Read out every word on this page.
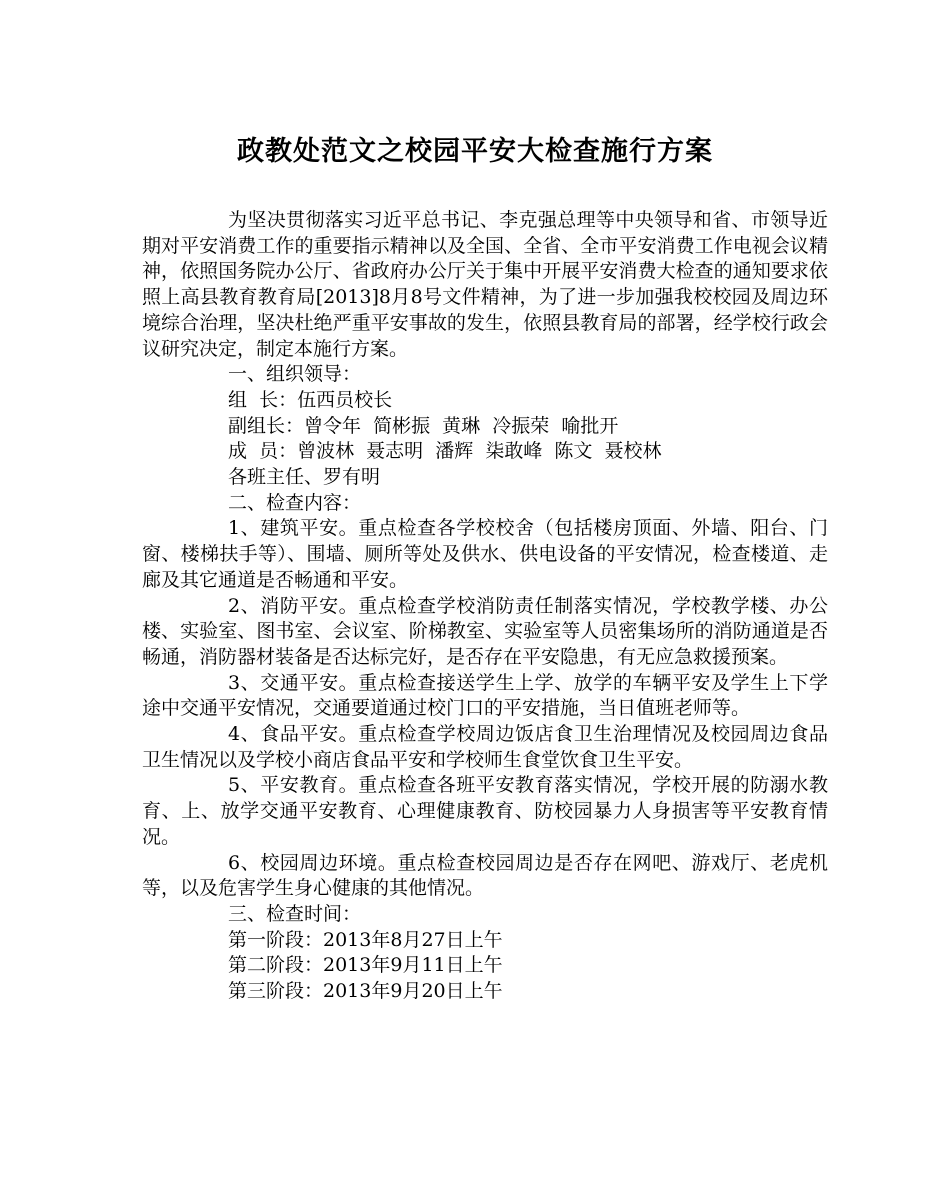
政教处范文之校园平安大检查施行方案

为坚决贯彻落实习近平总书记、李克强总理等中央领导和省、市领导近期对平安消费工作的重要指示精神以及全国、全省、全市平安消费工作电视会议精神，依照国务院办公厅、省政府办公厅关于集中开展平安消费大检查的通知要求依照上高县教育教育局[2013]8月8号文件精神，为了进一步加强我校校园及周边环境综合治理，坚决杜绝严重平安事故的发生，依照县教育局的部署，经学校行政会议研究决定，制定本施行方案。

一、组织领导：

组  长：伍西员校长

副组长：曾令年  简彬振  黄琳  冷振荣  喻批开

成  员：曾波林  聂志明  潘辉  柒敢峰  陈文  聂校林

各班主任、罗有明

二、检查内容：

1、建筑平安。重点检查各学校校舍（包括楼房顶面、外墙、阳台、门窗、楼梯扶手等）、围墙、厕所等处及供水、供电设备的平安情况，检查楼道、走廊及其它通道是否畅通和平安。

2、消防平安。重点检查学校消防责任制落实情况，学校教学楼、办公楼、实验室、图书室、会议室、阶梯教室、实验室等人员密集场所的消防通道是否畅通，消防器材装备是否达标完好，是否存在平安隐患，有无应急救援预案。

3、交通平安。重点检查接送学生上学、放学的车辆平安及学生上下学途中交通平安情况，交通要道通过校门口的平安措施，当日值班老师等。

4、食品平安。重点检查学校周边饭店食卫生治理情况及校园周边食品卫生情况以及学校小商店食品平安和学校师生食堂饮食卫生平安。

5、平安教育。重点检查各班平安教育落实情况，学校开展的防溺水教育、上、放学交通平安教育、心理健康教育、防校园暴力人身损害等平安教育情况。

6、校园周边环境。重点检查校园周边是否存在网吧、游戏厅、老虎机等，以及危害学生身心健康的其他情况。

三、检查时间：

第一阶段：2013年8月27日上午

第二阶段：2013年9月11日上午

第三阶段：2013年9月20日上午
